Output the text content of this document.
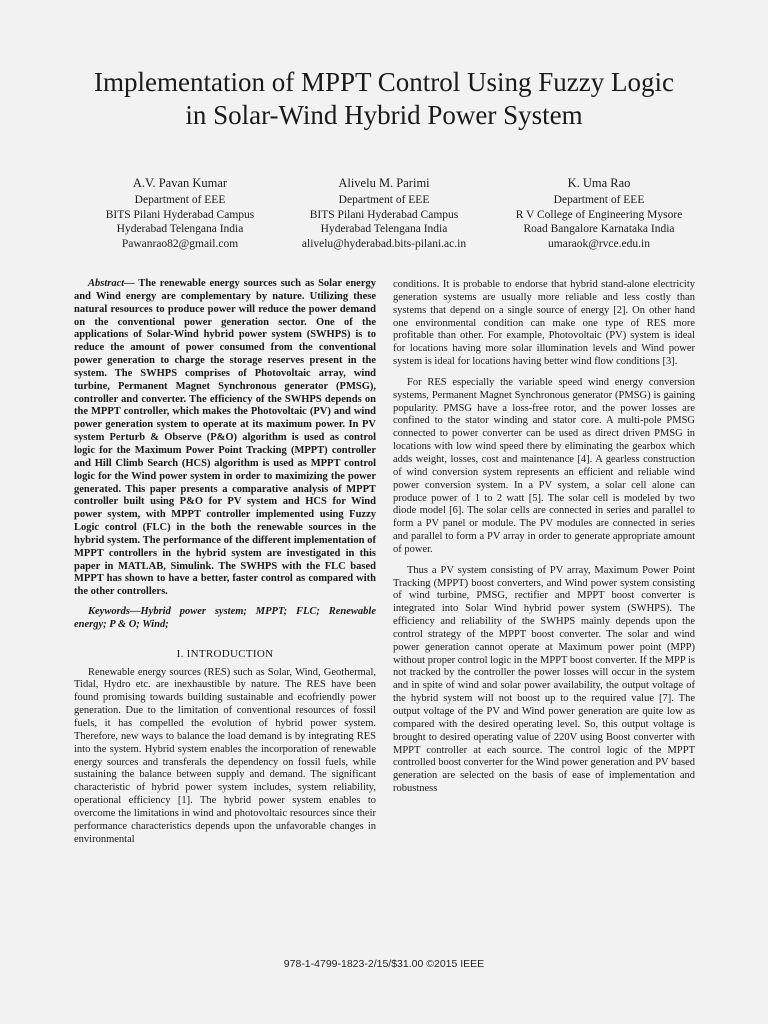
Implementation of MPPT Control Using Fuzzy Logic
in Solar-Wind Hybrid Power System
A.V. Pavan Kumar
Department of EEE
BITS Pilani Hyderabad Campus
Hyderabad Telengana India
Pawanrao82@gmail.com
Alivelu M. Parimi
Department of EEE
BITS Pilani Hyderabad Campus
Hyderabad Telengana India
alivelu@hyderabad.bits-pilani.ac.in
K. Uma Rao
Department of EEE
R V College of Engineering Mysore
Road Bangalore Karnataka India
umaraok@rvce.edu.in

Abstract— The renewable energy sources such as Solar energy and Wind energy are complementary by nature. Utilizing these natural resources to produce power will reduce the power demand on the conventional power generation sector. One of the applications of Solar-Wind hybrid power system (SWHPS) is to reduce the amount of power consumed from the conventional power generation to charge the storage reserves present in the system. The SWHPS comprises of Photovoltaic array, wind turbine, Permanent Magnet Synchronous generator (PMSG), controller and converter. The efficiency of the SWHPS depends on the MPPT controller, which makes the Photovoltaic (PV) and wind power generation system to operate at its maximum power. In PV system Perturb & Observe (P&O) algorithm is used as control logic for the Maximum Power Point Tracking (MPPT) controller and Hill Climb Search (HCS) algorithm is used as MPPT control logic for the Wind power system in order to maximizing the power generated. This paper presents a comparative analysis of MPPT controller built using P&O for PV system and HCS for Wind power system, with MPPT controller implemented using Fuzzy Logic control (FLC) in the both the renewable sources in the hybrid system. The performance of the different implementation of MPPT controllers in the hybrid system are investigated in this paper in MATLAB, Simulink. The SWHPS with the FLC based MPPT has shown to have a better, faster control as compared with the other controllers.

Keywords—Hybrid power system; MPPT; FLC; Renewable energy; P & O; Wind;

I. INTRODUCTION

Renewable energy sources (RES) such as Solar, Wind, Geothermal, Tidal, Hydro etc. are inexhaustible by nature. The RES have been found promising towards building sustainable and ecofriendly power generation. Due to the limitation of conventional resources of fossil fuels, it has compelled the evolution of hybrid power system. Therefore, new ways to balance the load demand is by integrating RES into the system. Hybrid system enables the incorporation of renewable energy sources and transferals the dependency on fossil fuels, while sustaining the balance between supply and demand. The significant characteristic of hybrid power system includes, system reliability, operational efficiency [1]. The hybrid power system enables to overcome the limitations in wind and photovoltaic resources since their performance characteristics depends upon the unfavorable changes in environmental

conditions. It is probable to endorse that hybrid stand-alone electricity generation systems are usually more reliable and less costly than systems that depend on a single source of energy [2]. On other hand one environmental condition can make one type of RES more profitable than other. For example, Photovoltaic (PV) system is ideal for locations having more solar illumination levels and Wind power system is ideal for locations having better wind flow conditions [3].

For RES especially the variable speed wind energy conversion systems, Permanent Magnet Synchronous generator (PMSG) is gaining popularity. PMSG have a loss-free rotor, and the power losses are confined to the stator winding and stator core. A multi-pole PMSG connected to power converter can be used as direct driven PMSG in locations with low wind speed there by eliminating the gearbox which adds weight, losses, cost and maintenance [4]. A gearless construction of wind conversion system represents an efficient and reliable wind power conversion system. In a PV system, a solar cell alone can produce power of 1 to 2 watt [5]. The solar cell is modeled by two diode model [6]. The solar cells are connected in series and parallel to form a PV panel or module. The PV modules are connected in series and parallel to form a PV array in order to generate appropriate amount of power.

Thus a PV system consisting of PV array, Maximum Power Point Tracking (MPPT) boost converters, and Wind power system consisting of wind turbine, PMSG, rectifier and MPPT boost converter is integrated into Solar Wind hybrid power system (SWHPS). The efficiency and reliability of the SWHPS mainly depends upon the control strategy of the MPPT boost converter. The solar and wind power generation cannot operate at Maximum power point (MPP) without proper control logic in the MPPT boost converter. If the MPP is not tracked by the controller the power losses will occur in the system and in spite of wind and solar power availability, the output voltage of the hybrid system will not boost up to the required value [7]. The output voltage of the PV and Wind power generation are quite low as compared with the desired operating level. So, this output voltage is brought to desired operating value of 220V using Boost converter with MPPT controller at each source. The control logic of the MPPT controlled boost converter for the Wind power generation and PV based generation are selected on the basis of ease of implementation and robustness

978-1-4799-1823-2/15/$31.00 ©2015 IEEE
